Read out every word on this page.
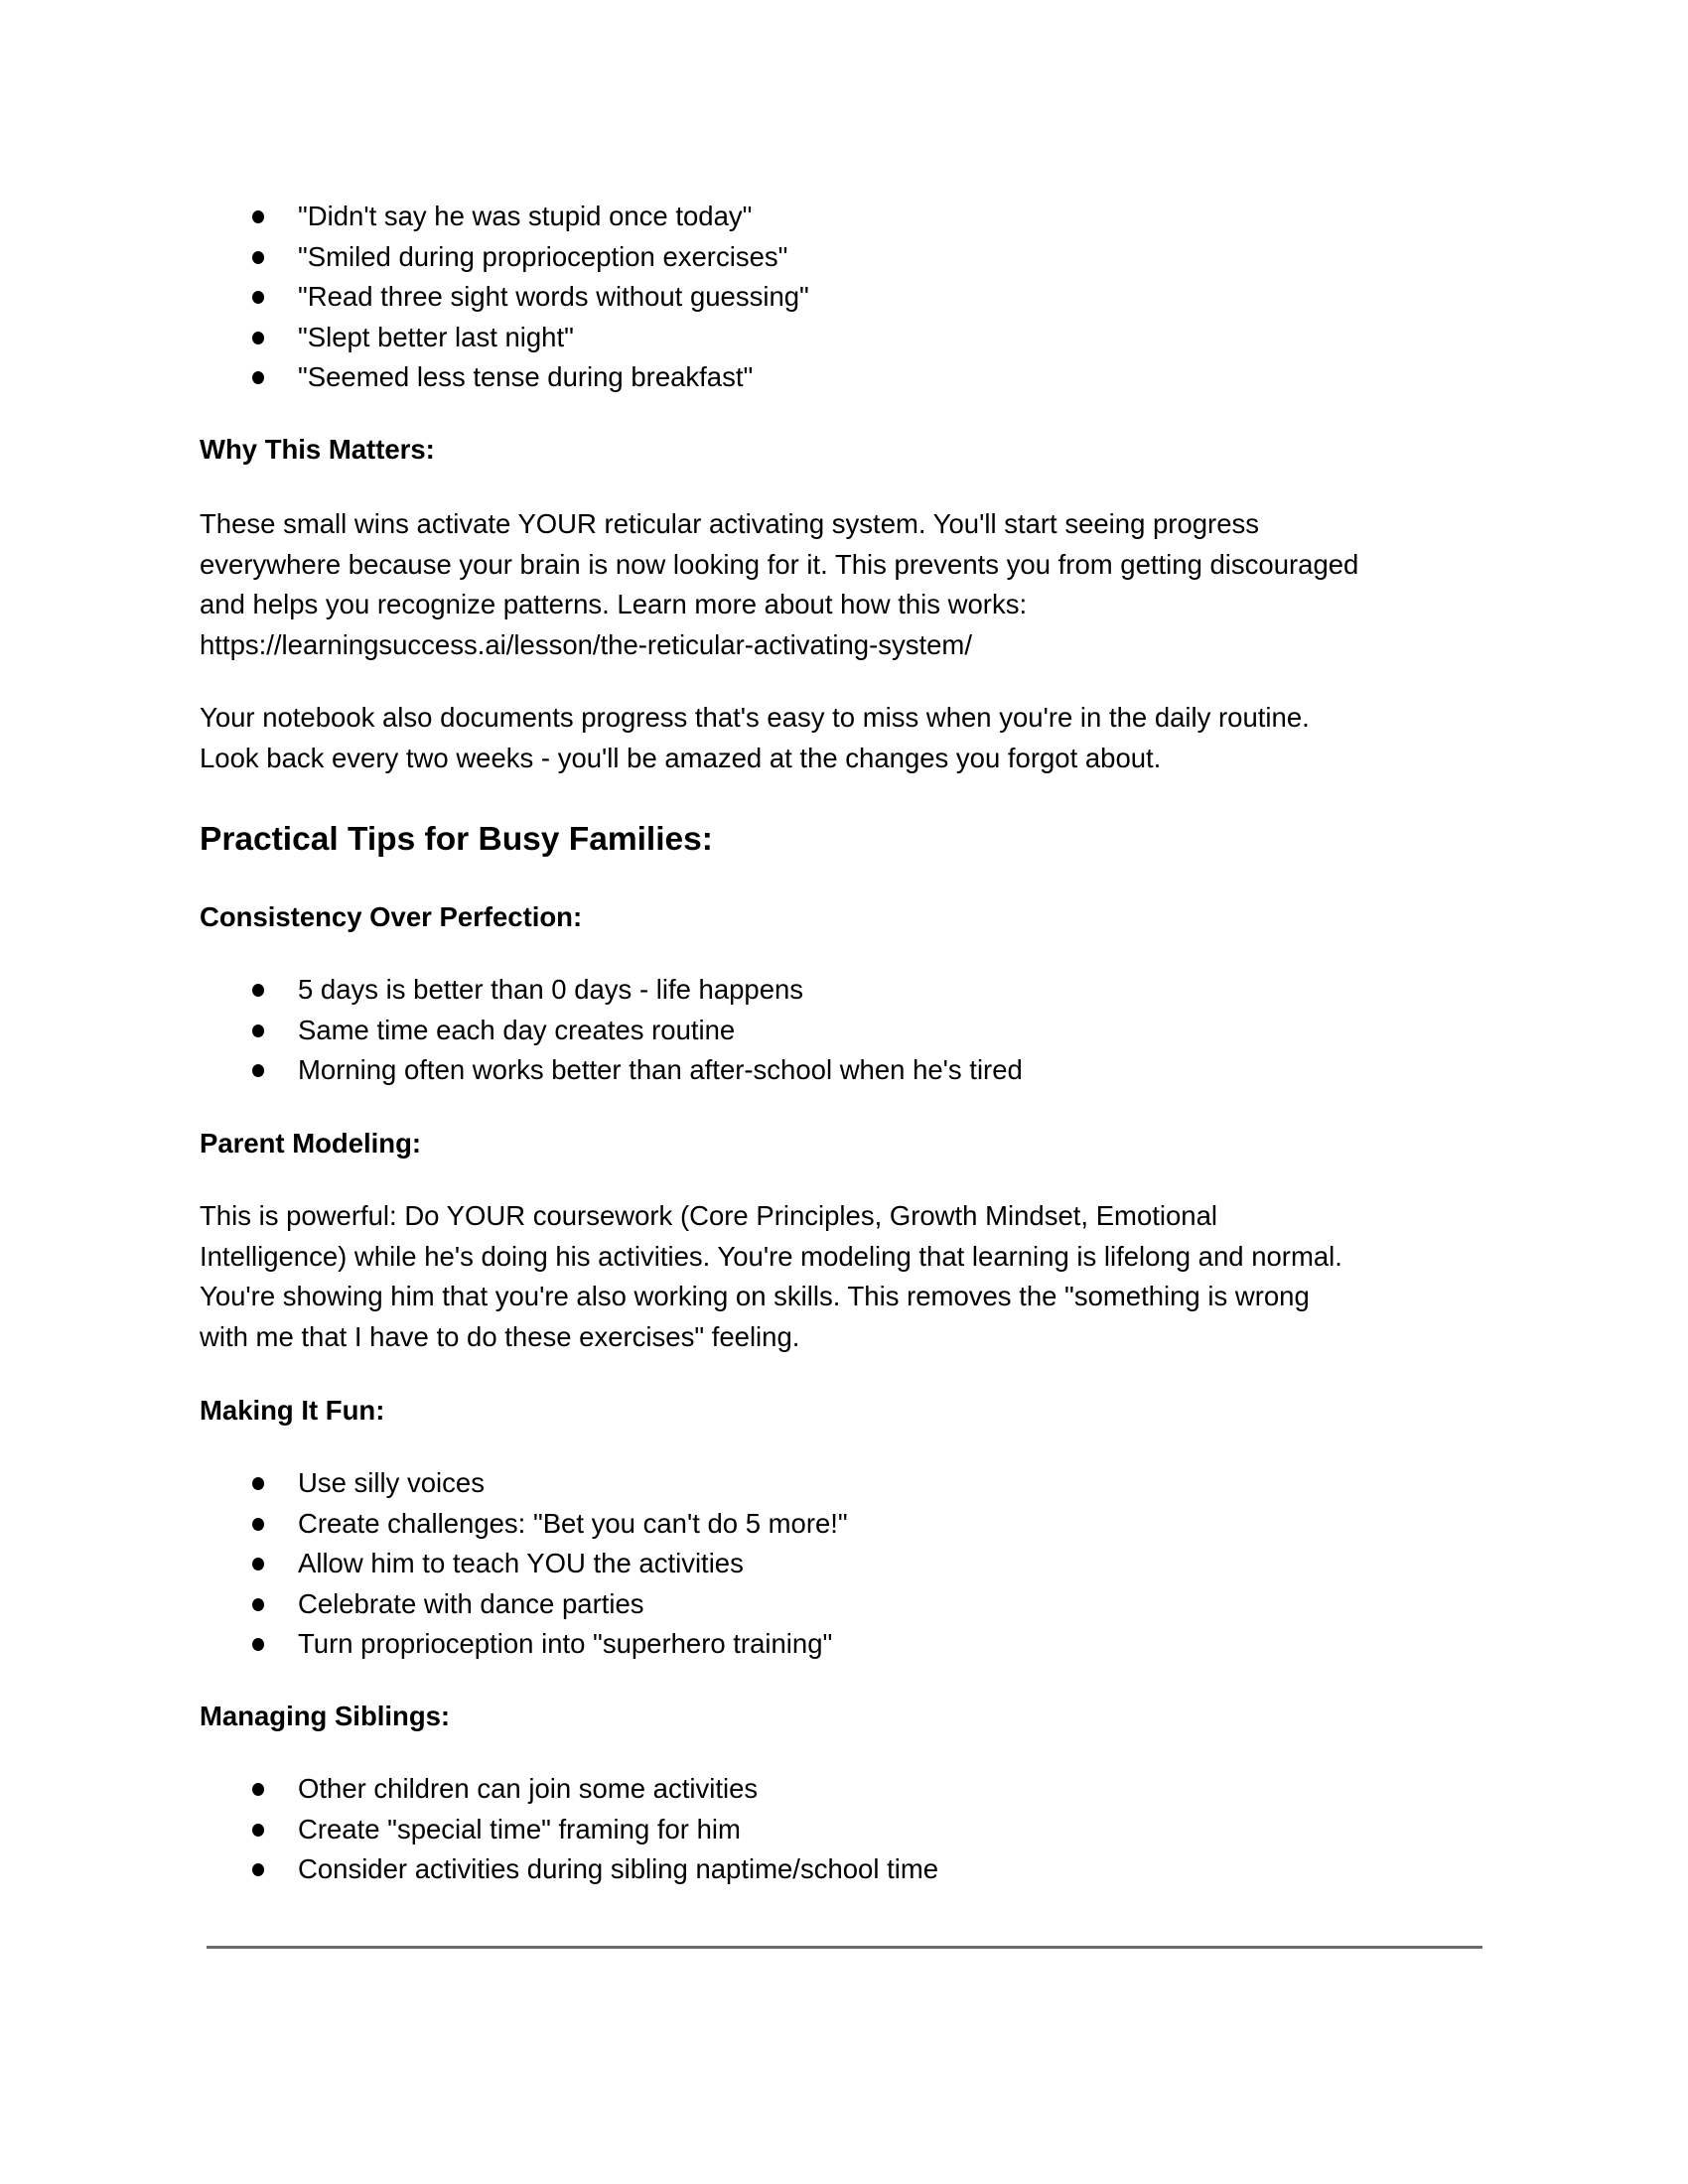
"Didn't say he was stupid once today"
"Smiled during proprioception exercises"
"Read three sight words without guessing"
"Slept better last night"
"Seemed less tense during breakfast"
Why This Matters:

These small wins activate YOUR reticular activating system. You'll start seeing progress
everywhere because your brain is now looking for it. This prevents you from getting discouraged
and helps you recognize patterns. Learn more about how this works:
https://learningsuccess.ai/lesson/the-reticular-activating-system/

Your notebook also documents progress that's easy to miss when you're in the daily routine.
Look back every two weeks - you'll be amazed at the changes you forgot about.

Practical Tips for Busy Families:
Consistency Over Perfection:
5 days is better than 0 days - life happens
Same time each day creates routine
Morning often works better than after-school when he's tired
Parent Modeling:

This is powerful: Do YOUR coursework (Core Principles, Growth Mindset, Emotional
Intelligence) while he's doing his activities. You're modeling that learning is lifelong and normal.
You're showing him that you're also working on skills. This removes the "something is wrong
with me that I have to do these exercises" feeling.

Making It Fun:
Use silly voices
Create challenges: "Bet you can't do 5 more!"
Allow him to teach YOU the activities
Celebrate with dance parties
Turn proprioception into "superhero training"
Managing Siblings:
Other children can join some activities
Create "special time" framing for him
Consider activities during sibling naptime/school time
